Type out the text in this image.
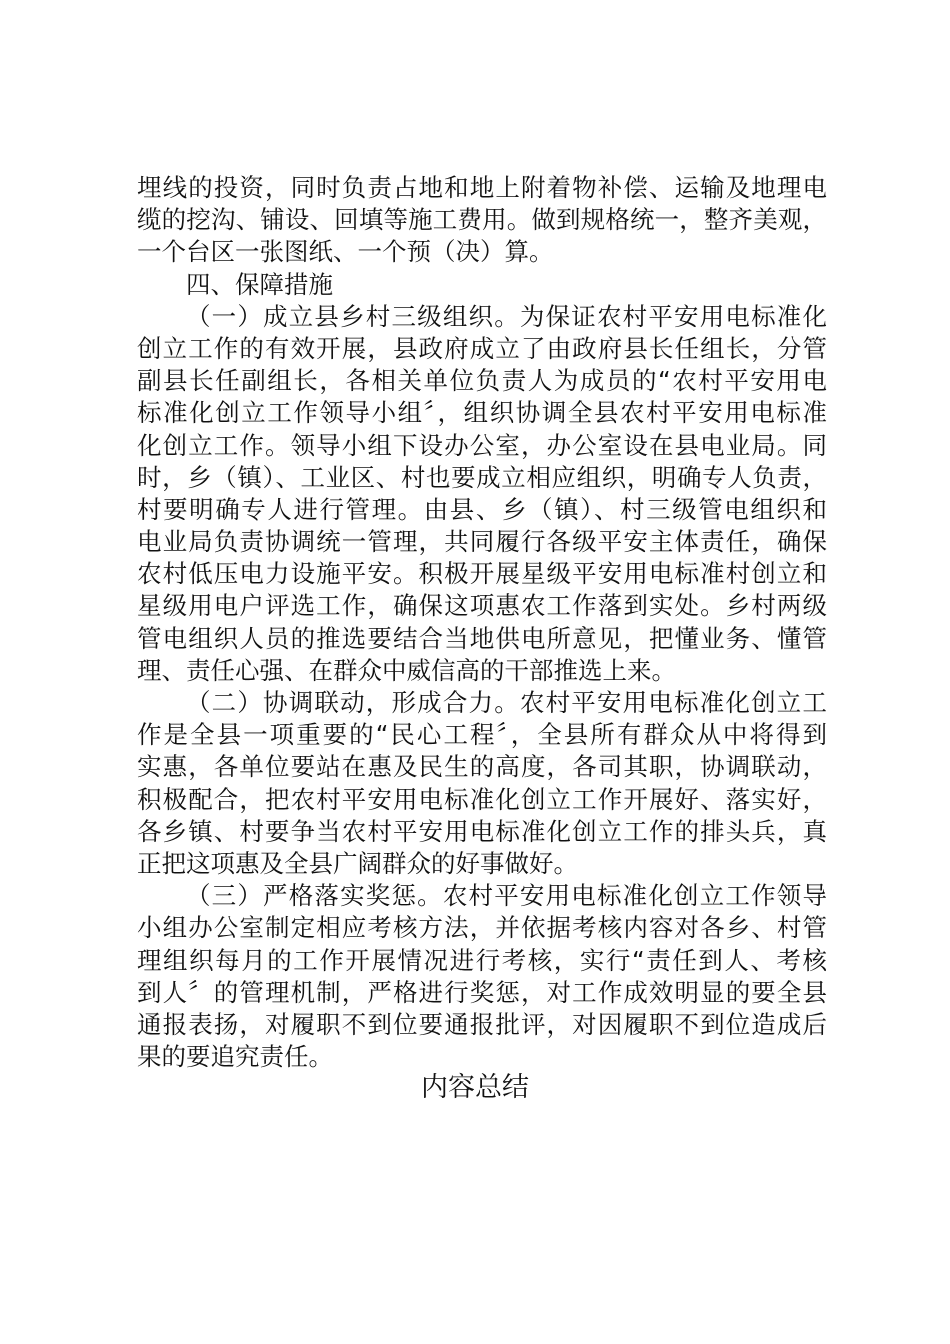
埋线的投资，同时负责占地和地上附着物补偿、运输及地理电
缆的挖沟、铺设、回填等施工费用。做到规格统一，整齐美观，
一个台区一张图纸、一个预（决）算。
四、保障措施
（一）成立县乡村三级组织。为保证农村平安用电标准化
创立工作的有效开展，县政府成立了由政府县长任组长，分管
副县长任副组长，各相关单位负责人为成员的“农村平安用电
标准化创立工作领导小组〞，组织协调全县农村平安用电标准
化创立工作。领导小组下设办公室，办公室设在县电业局。同
时，乡（镇）、工业区、村也要成立相应组织，明确专人负责，
村要明确专人进行管理。由县、乡（镇）、村三级管电组织和
电业局负责协调统一管理，共同履行各级平安主体责任，确保
农村低压电力设施平安。积极开展星级平安用电标准村创立和
星级用电户评选工作，确保这项惠农工作落到实处。乡村两级
管电组织人员的推选要结合当地供电所意见，把懂业务、懂管
理、责任心强、在群众中威信高的干部推选上来。
（二）协调联动，形成合力。农村平安用电标准化创立工
作是全县一项重要的“民心工程〞，全县所有群众从中将得到
实惠，各单位要站在惠及民生的高度，各司其职，协调联动，
积极配合，把农村平安用电标准化创立工作开展好、落实好，
各乡镇、村要争当农村平安用电标准化创立工作的排头兵，真
正把这项惠及全县广阔群众的好事做好。
（三）严格落实奖惩。农村平安用电标准化创立工作领导
小组办公室制定相应考核方法，并依据考核内容对各乡、村管
理组织每月的工作开展情况进行考核，实行“责任到人、考核
到人〞的管理机制，严格进行奖惩，对工作成效明显的要全县
通报表扬，对履职不到位要通报批评，对因履职不到位造成后
果的要追究责任。
内容总结
